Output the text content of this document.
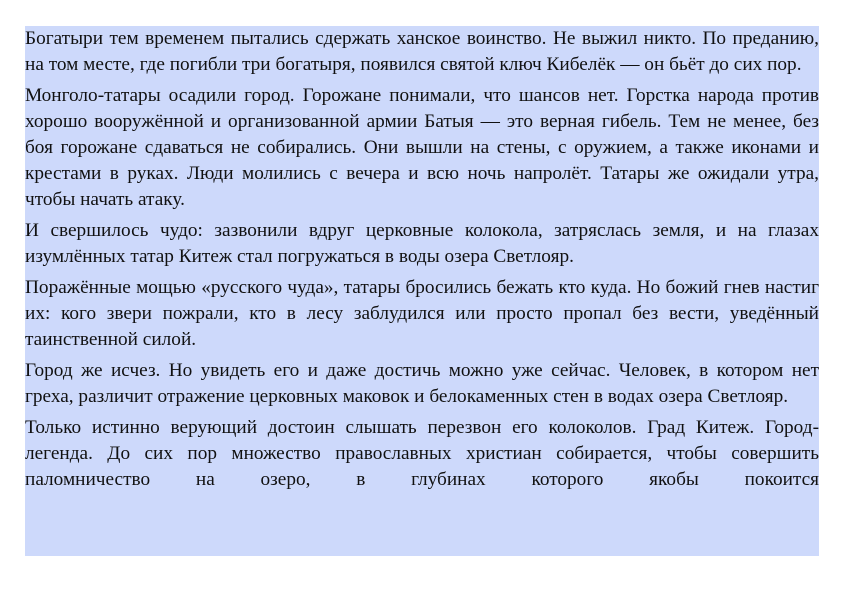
Богатыри тем временем пытались сдержать ханское воинство. Не выжил никто. По преданию, на том месте, где погибли три богатыря, появился святой ключ Кибелёк — он бьёт до сих пор.

Монголо-татары осадили город. Горожане понимали, что шансов нет. Горстка народа против хорошо вооружённой и организованной армии Батыя — это верная гибель. Тем не менее, без боя горожане сдаваться не собирались. Они вышли на стены, с оружием, а также иконами и крестами в руках. Люди молились с вечера и всю ночь напролёт. Татары же ожидали утра, чтобы начать атаку.

И свершилось чудо: зазвонили вдруг церковные колокола, затряслась земля, и на глазах изумлённых татар Китеж стал погружаться в воды озера Светлояр.

Поражённые мощью «русского чуда», татары бросились бежать кто куда. Но божий гнев настиг их: кого звери пожрали, кто в лесу заблудился или просто пропал без вести, уведённый таинственной силой.

Город же исчез. Но увидеть его и даже достичь можно уже сейчас. Человек, в котором нет греха, различит отражение церковных маковок и белокаменных стен в водах озера Светлояр.

Только истинно верующий достоин слышать перезвон его колоколов. Град Китеж. Город-легенда. До сих пор множество православных христиан собирается, чтобы совершить паломничество на озеро, в глубинах которого якобы покоится
